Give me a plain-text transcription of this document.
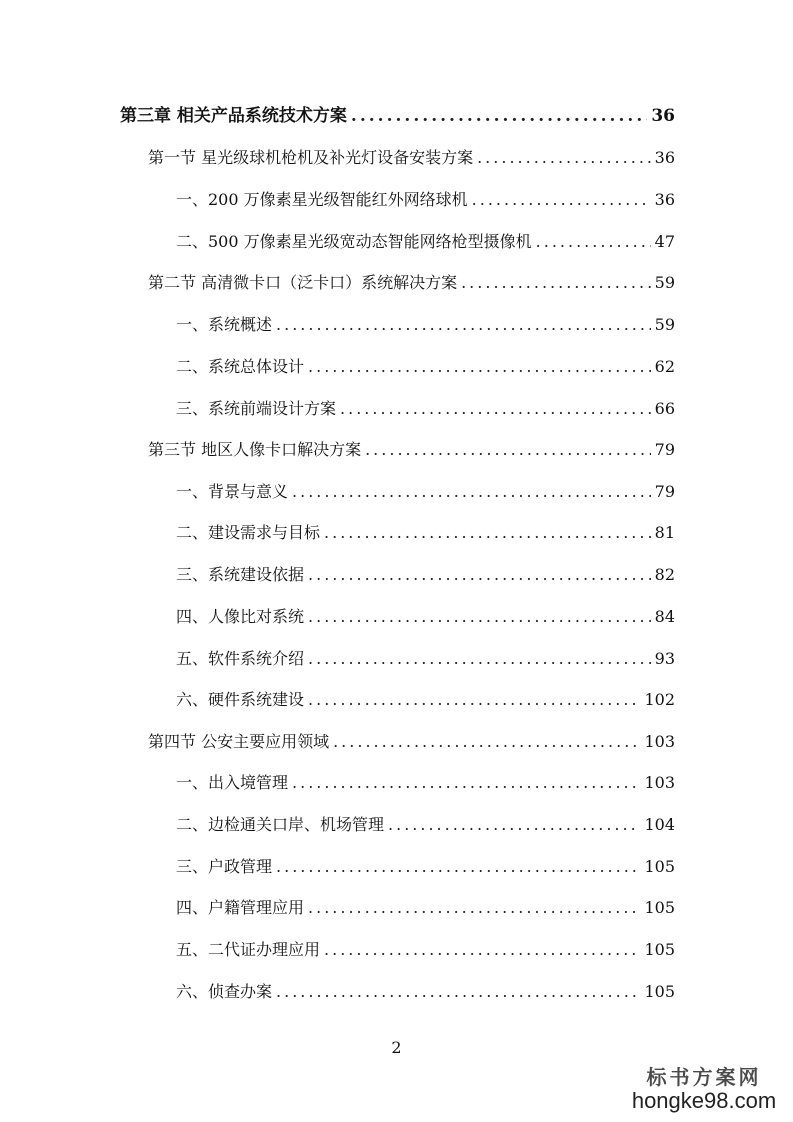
第三章 相关产品系统技术方案 .....	36
第一节 星光级球机枪机及补光灯设备安装方案 .....	36
一、200 万像素星光级智能红外网络球机 .....	36
二、500 万像素星光级宽动态智能网络枪型摄像机 .....	47
第二节 高清微卡口（泛卡口）系统解决方案 .....	59
一、系统概述 .....	59
二、系统总体设计 .....	62
三、系统前端设计方案 .....	66
第三节 地区人像卡口解决方案 .....	79
一、背景与意义 .....	79
二、建设需求与目标 .....	81
三、系统建设依据 .....	82
四、人像比对系统 .....	84
五、软件系统介绍 .....	93
六、硬件系统建设 .....	102
第四节 公安主要应用领域 .....	103
一、出入境管理 .....	103
二、边检通关口岸、机场管理 .....	104
三、户政管理 .....	105
四、户籍管理应用 .....	105
五、二代证办理应用 .....	105
六、侦查办案 .....	105
2
标书方案网
hongke98.com
